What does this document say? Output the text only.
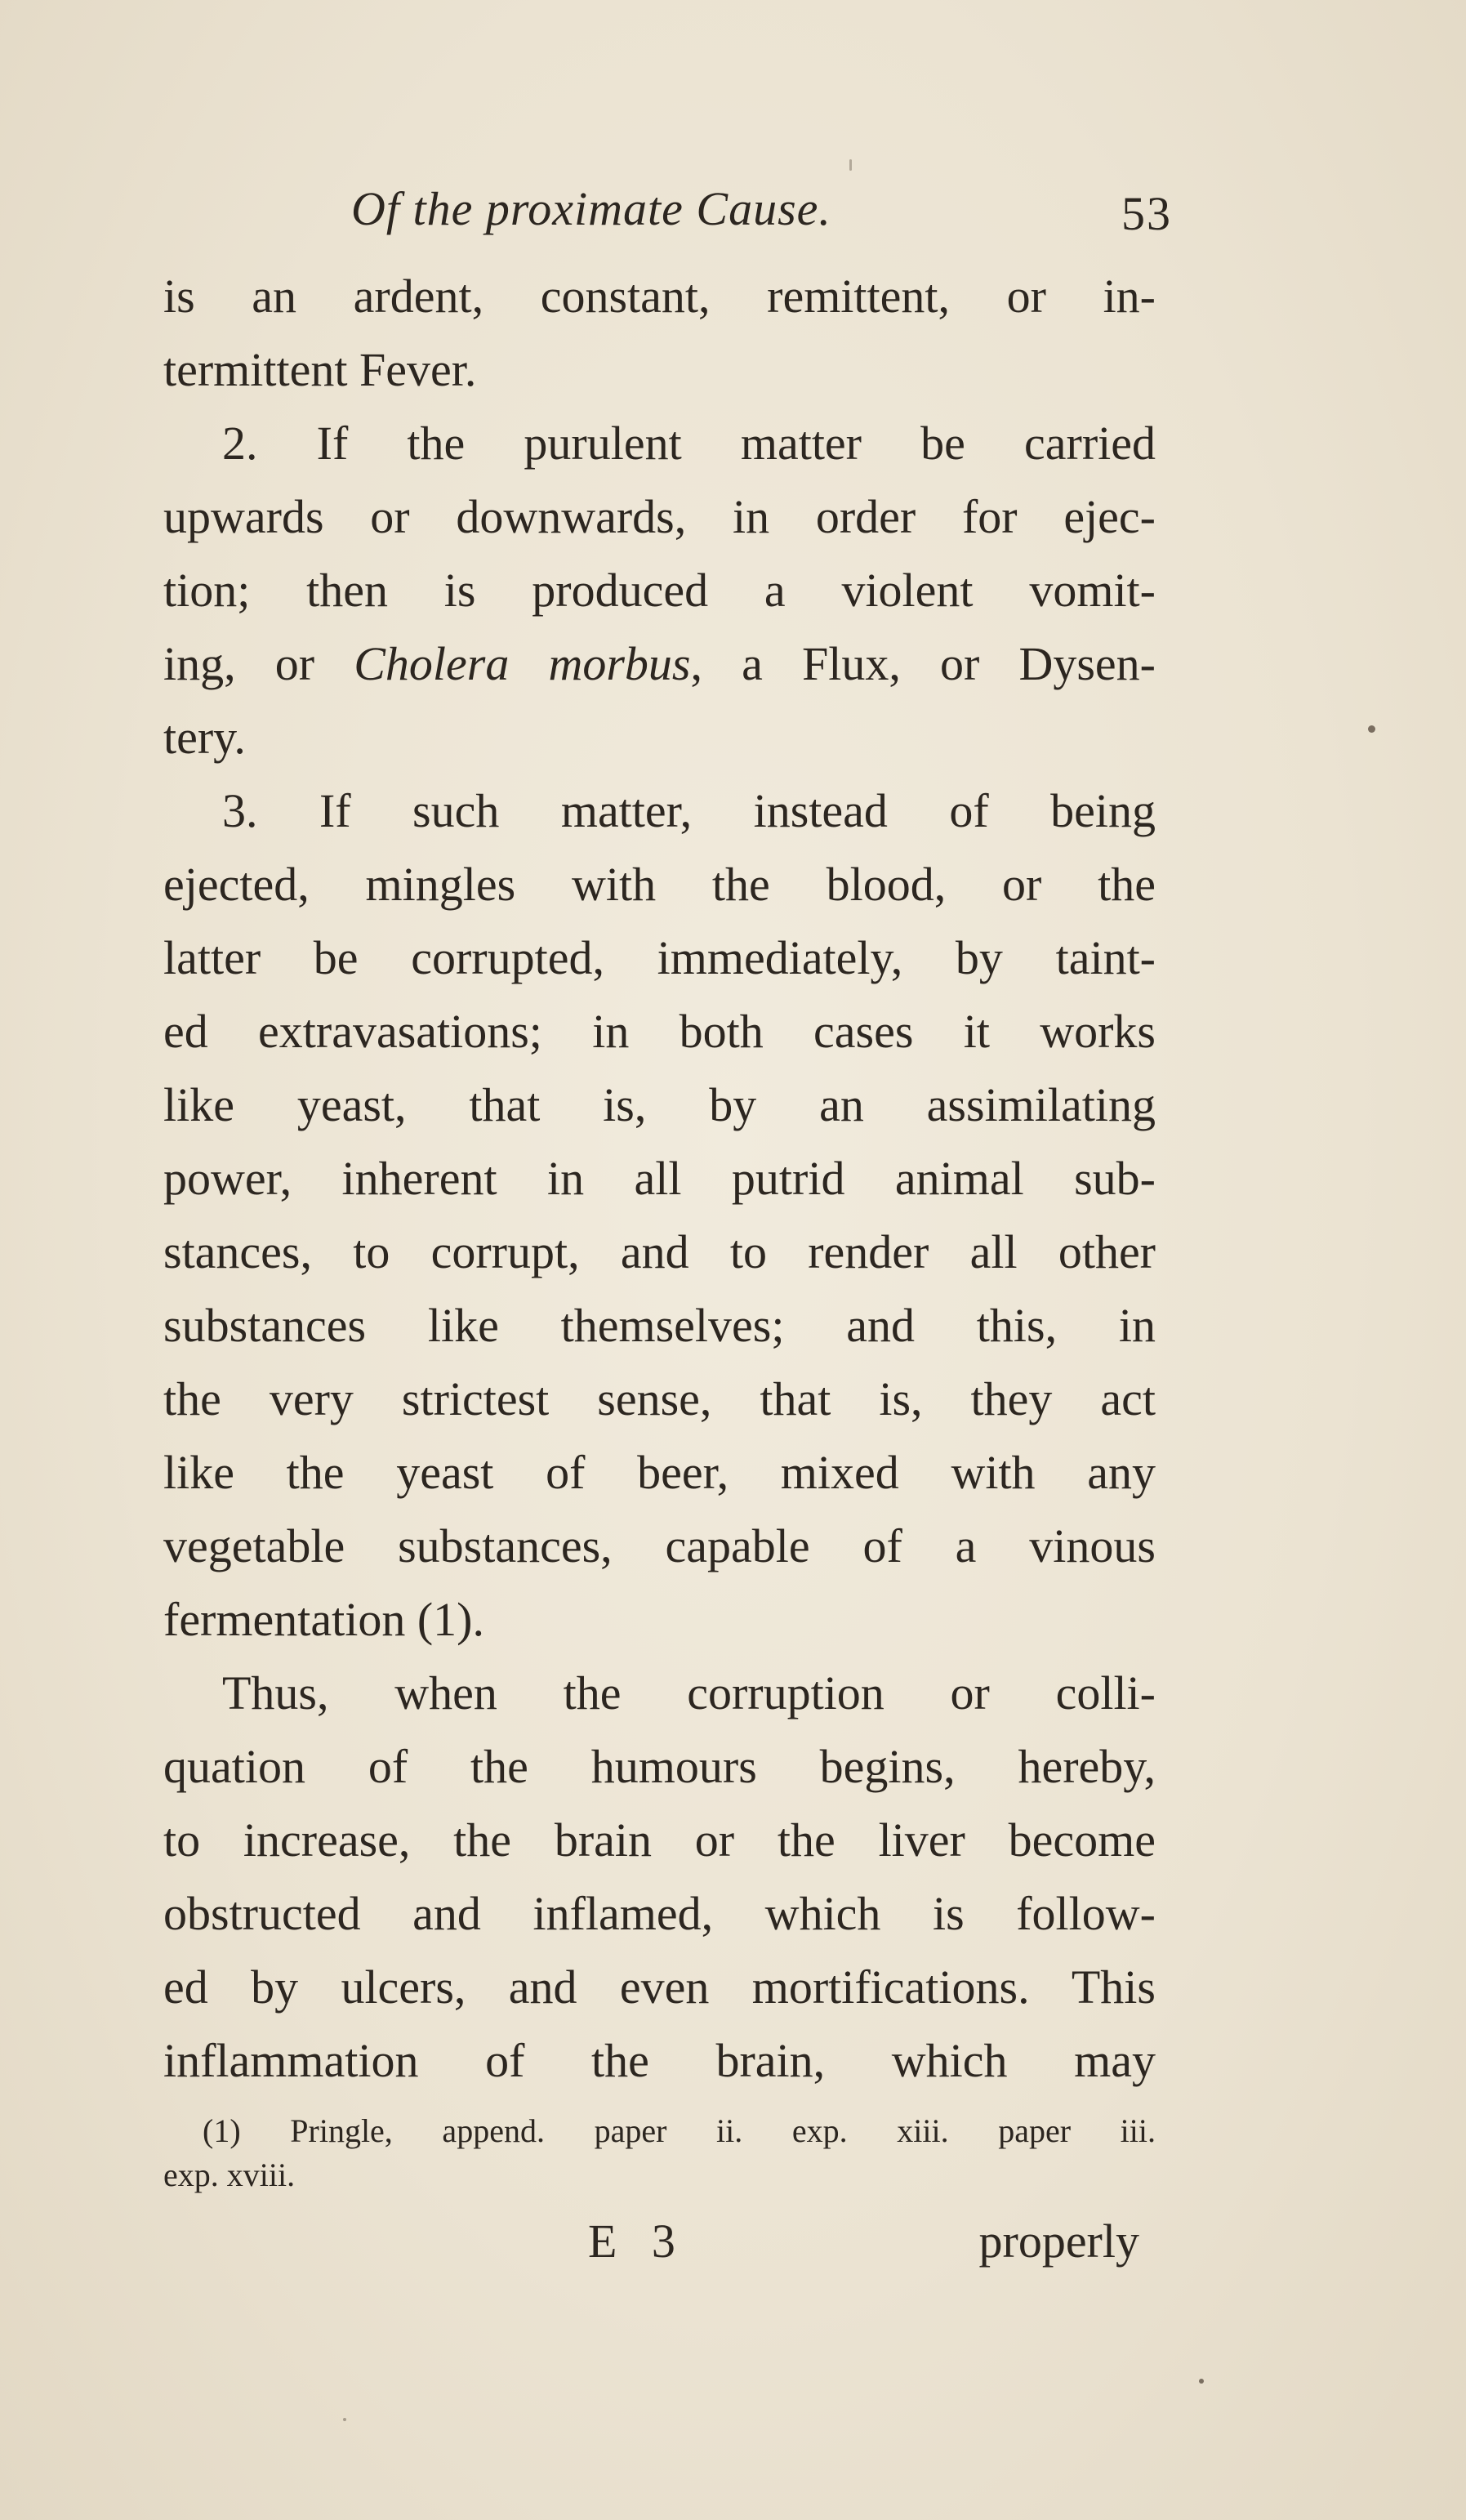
Of the proximate Cause.	53
is an ardent, constant, remittent, or in-
termittent Fever.
2. If the purulent matter be carried
upwards or downwards, in order for ejec-
tion; then is produced a violent vomit-
ing, or Cholera morbus, a Flux, or Dysen-
tery.
3. If such matter, instead of being
ejected, mingles with the blood, or the
latter be corrupted, immediately, by taint-
ed extravasations; in both cases it works
like yeast, that is, by an assimilating
power, inherent in all putrid animal sub-
stances, to corrupt, and to render all other
substances like themselves; and this, in
the very strictest sense, that is, they act
like the yeast of beer, mixed with any
vegetable substances, capable of a vinous
fermentation (1).
Thus, when the corruption or colli-
quation of the humours begins, hereby,
to increase, the brain or the liver become
obstructed and inflamed, which is follow-
ed by ulcers, and even mortifications. This
inflammation of the brain, which may
(1) Pringle, append. paper ii. exp. xiii. paper iii.
exp. xviii.
E 3	properly
